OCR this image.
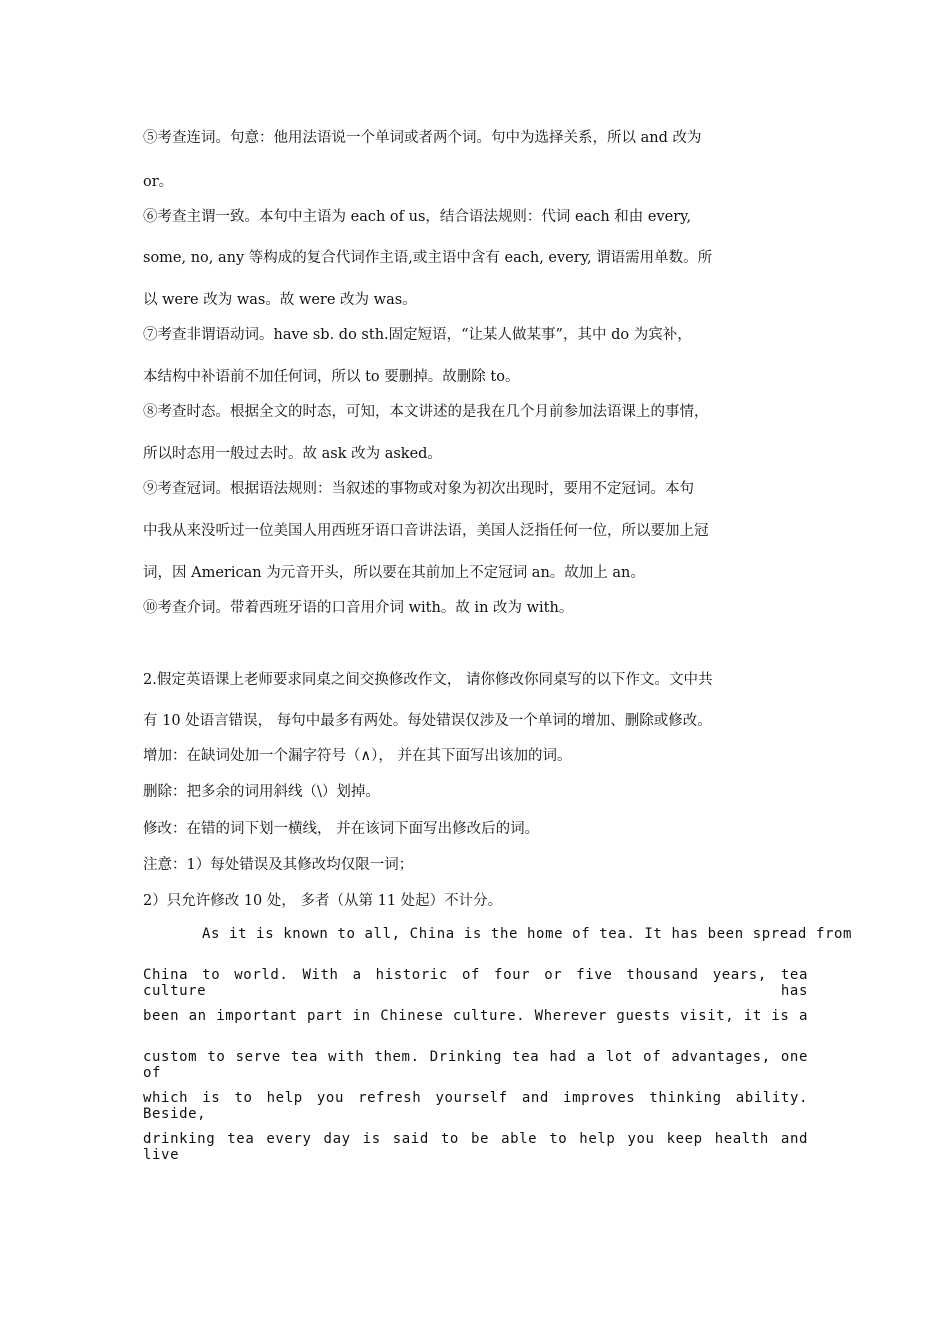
⑤考查连词。句意：他用法语说一个单词或者两个词。句中为选择关系，所以 and 改为
or。
⑥考查主谓一致。本句中主语为 each of us，结合语法规则：代词 each 和由 every,
some, no, any 等构成的复合代词作主语,或主语中含有 each, every, 谓语需用单数。所
以 were 改为 was。故 were 改为 was。
⑦考查非谓语动词。have sb. do sth.固定短语，“让某人做某事”，其中 do 为宾补，
本结构中补语前不加任何词，所以 to 要删掉。故删除 to。
⑧考查时态。根据全文的时态，可知，本文讲述的是我在几个月前参加法语课上的事情，
所以时态用一般过去时。故 ask 改为 asked。
⑨考查冠词。根据语法规则：当叙述的事物或对象为初次出现时，要用不定冠词。本句
中我从来没听过一位美国人用西班牙语口音讲法语，美国人泛指任何一位，所以要加上冠
词，因 American 为元音开头，所以要在其前加上不定冠词 an。故加上 an。
⑩考查介词。带着西班牙语的口音用介词 with。故 in 改为 with。
2.假定英语课上老师要求同桌之间交换修改作文， 请你修改你同桌写的以下作文。文中共
有 10 处语言错误， 每句中最多有两处。每处错误仅涉及一个单词的增加、删除或修改。
增加：在缺词处加一个漏字符号（∧）， 并在其下面写出该加的词。
删除：把多余的词用斜线（\）划掉。
修改：在错的词下划一横线， 并在该词下面写出修改后的词。
注意：1）每处错误及其修改均仅限一词；
2）只允许修改 10 处， 多者（从第 11 处起）不计分。
As it is known to all, China is the home of tea. It has been spread from
China to world. With a historic of four or five thousand years, tea culture has
been an important part in Chinese culture. Wherever guests visit, it is a
custom to serve tea with them. Drinking tea had a lot of advantages, one of
which is to help you refresh yourself and improves thinking ability. Beside,
drinking tea every day is said to be able to help you keep health and live
